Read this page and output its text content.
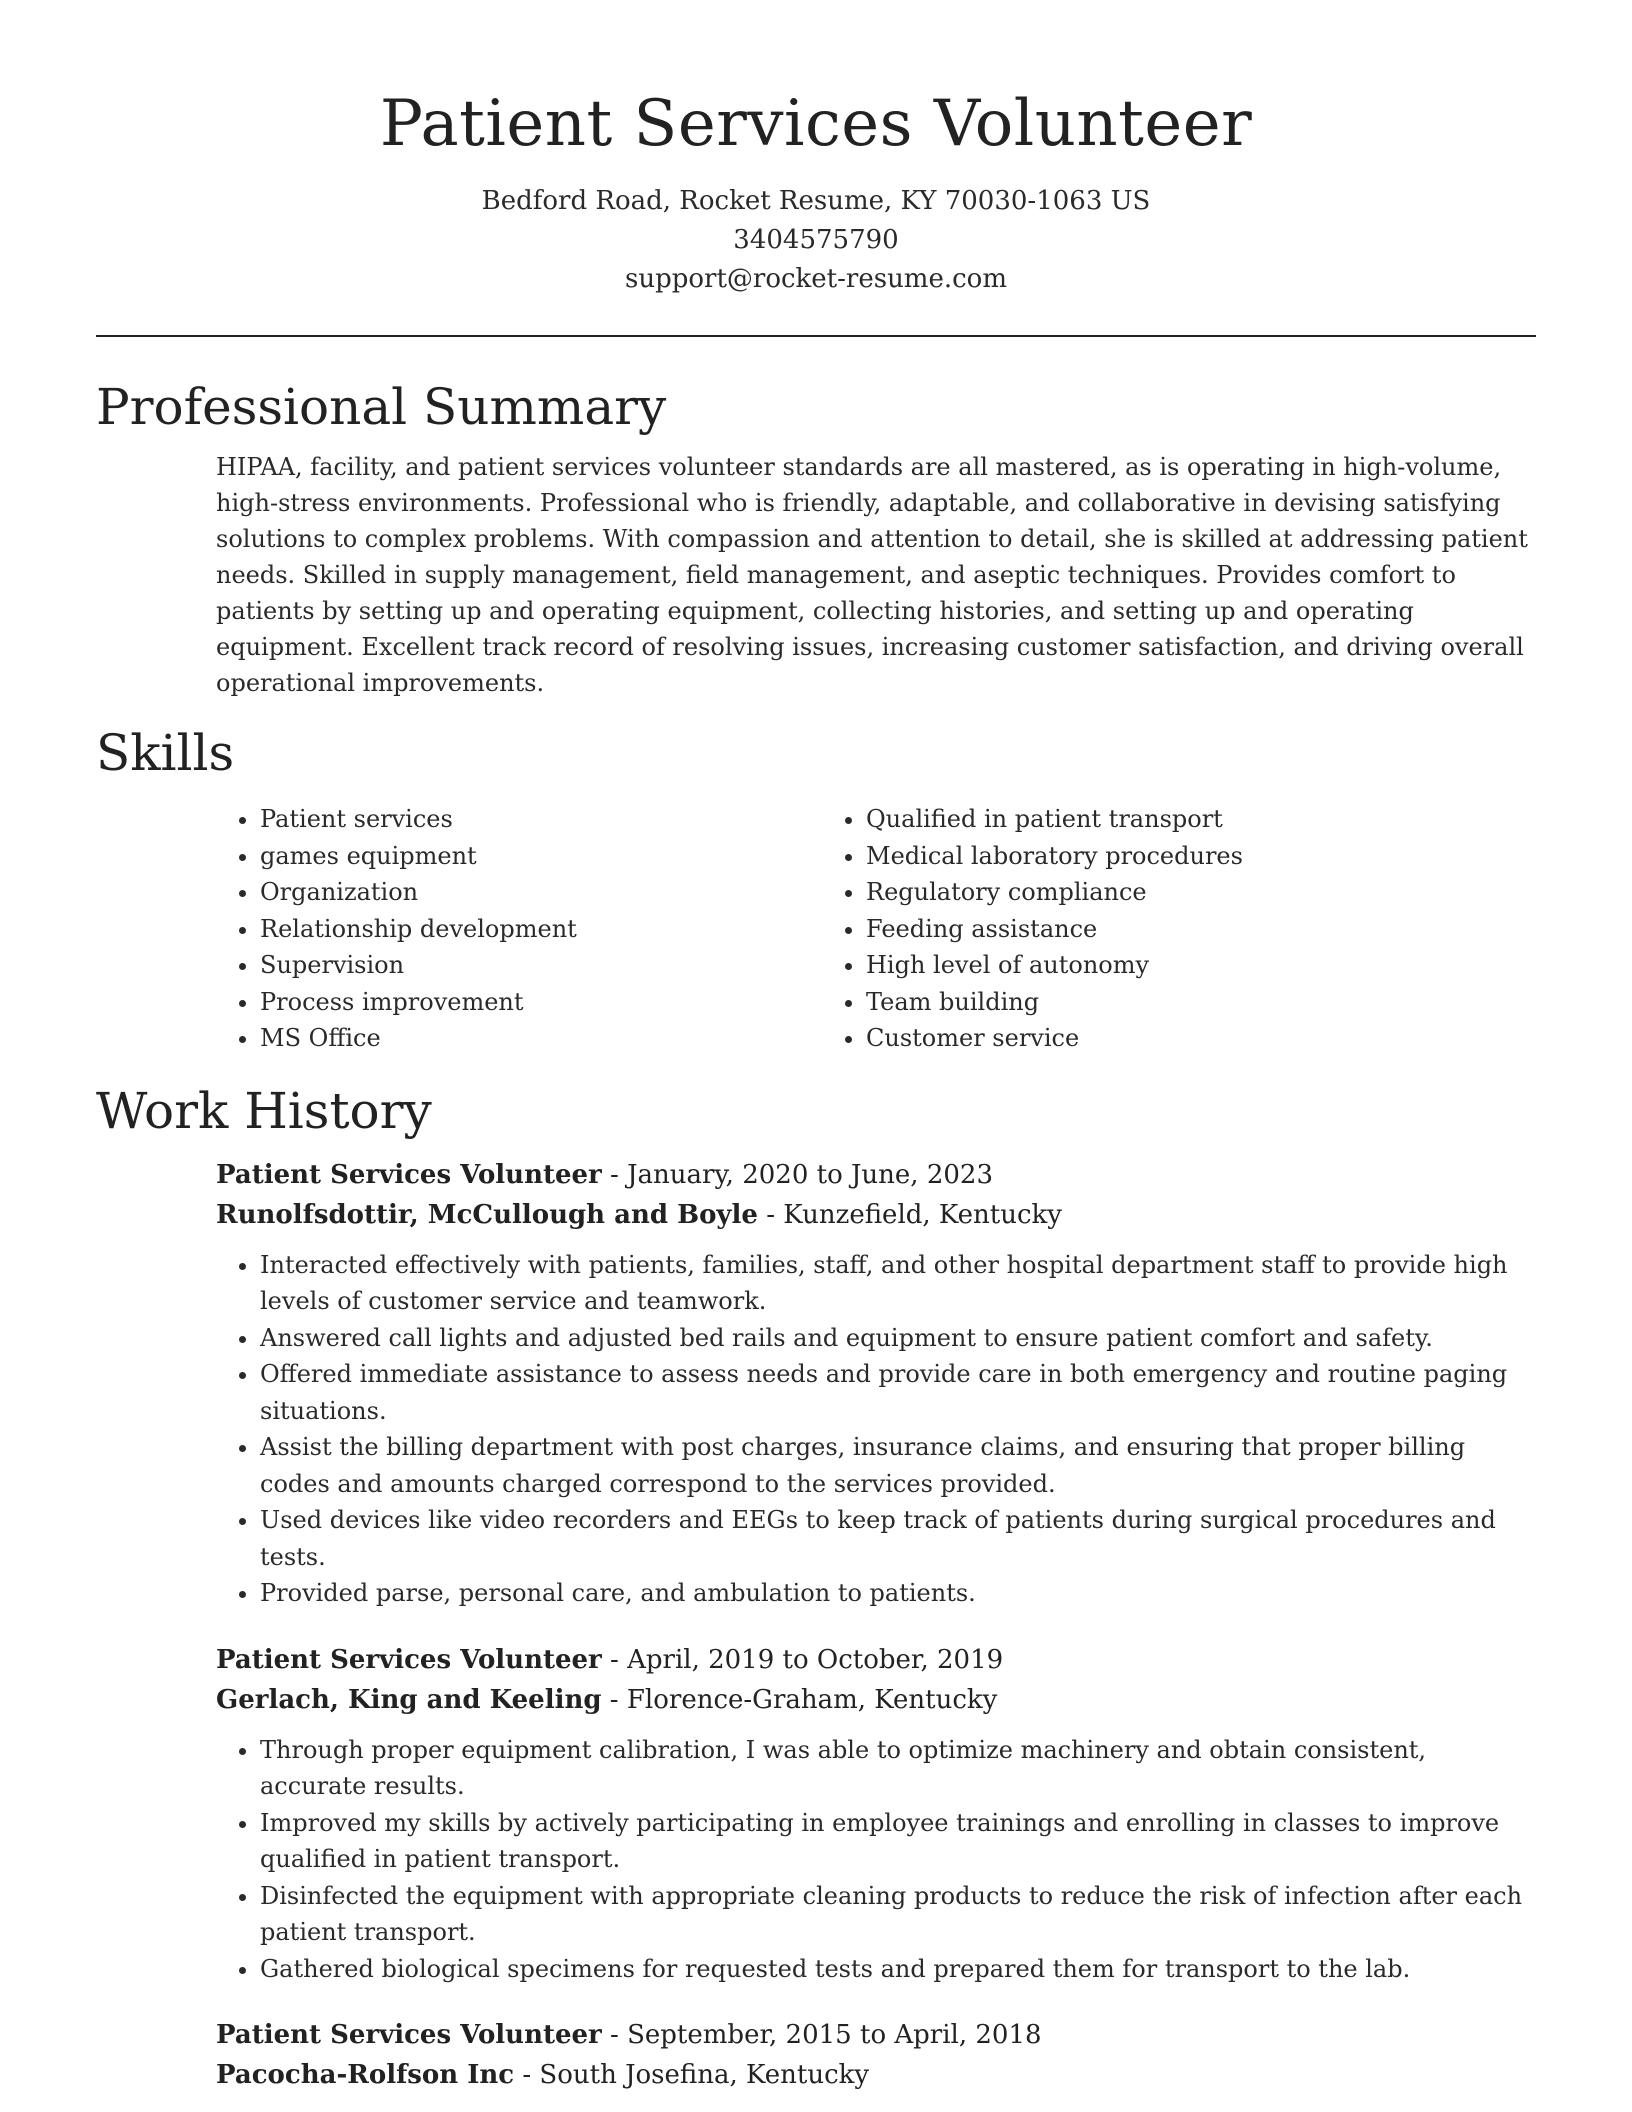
Patient Services Volunteer
Bedford Road, Rocket Resume, KY 70030-1063 US
3404575790
support@rocket-resume.com
Professional Summary

HIPAA, facility, and patient services volunteer standards are all mastered, as is operating in high-volume, high-stress environments. Professional who is friendly, adaptable, and collaborative in devising satisfying solutions to complex problems. With compassion and attention to detail, she is skilled at addressing patient needs. Skilled in supply management, field management, and aseptic techniques. Provides comfort to patients by setting up and operating equipment, collecting histories, and setting up and operating equipment. Excellent track record of resolving issues, increasing customer satisfaction, and driving overall operational improvements.

Skills
• Patient services
• games equipment
• Organization
• Relationship development
• Supervision
• Process improvement
• MS Office
• Qualified in patient transport
• Medical laboratory procedures
• Regulatory compliance
• Feeding assistance
• High level of autonomy
• Team building
• Customer service
Work History
Patient Services Volunteer - January, 2020 to June, 2023
Runolfsdottir, McCullough and Boyle - Kunzefield, Kentucky
• Interacted effectively with patients, families, staff, and other hospital department staff to provide high levels of customer service and teamwork.
• Answered call lights and adjusted bed rails and equipment to ensure patient comfort and safety.
• Offered immediate assistance to assess needs and provide care in both emergency and routine paging situations.
• Assist the billing department with post charges, insurance claims, and ensuring that proper billing codes and amounts charged correspond to the services provided.
• Used devices like video recorders and EEGs to keep track of patients during surgical procedures and tests.
• Provided parse, personal care, and ambulation to patients.
Patient Services Volunteer - April, 2019 to October, 2019
Gerlach, King and Keeling - Florence-Graham, Kentucky
• Through proper equipment calibration, I was able to optimize machinery and obtain consistent, accurate results.
• Improved my skills by actively participating in employee trainings and enrolling in classes to improve qualified in patient transport.
• Disinfected the equipment with appropriate cleaning products to reduce the risk of infection after each patient transport.
• Gathered biological specimens for requested tests and prepared them for transport to the lab.
Patient Services Volunteer - September, 2015 to April, 2018
Pacocha-Rolfson Inc - South Josefina, Kentucky
